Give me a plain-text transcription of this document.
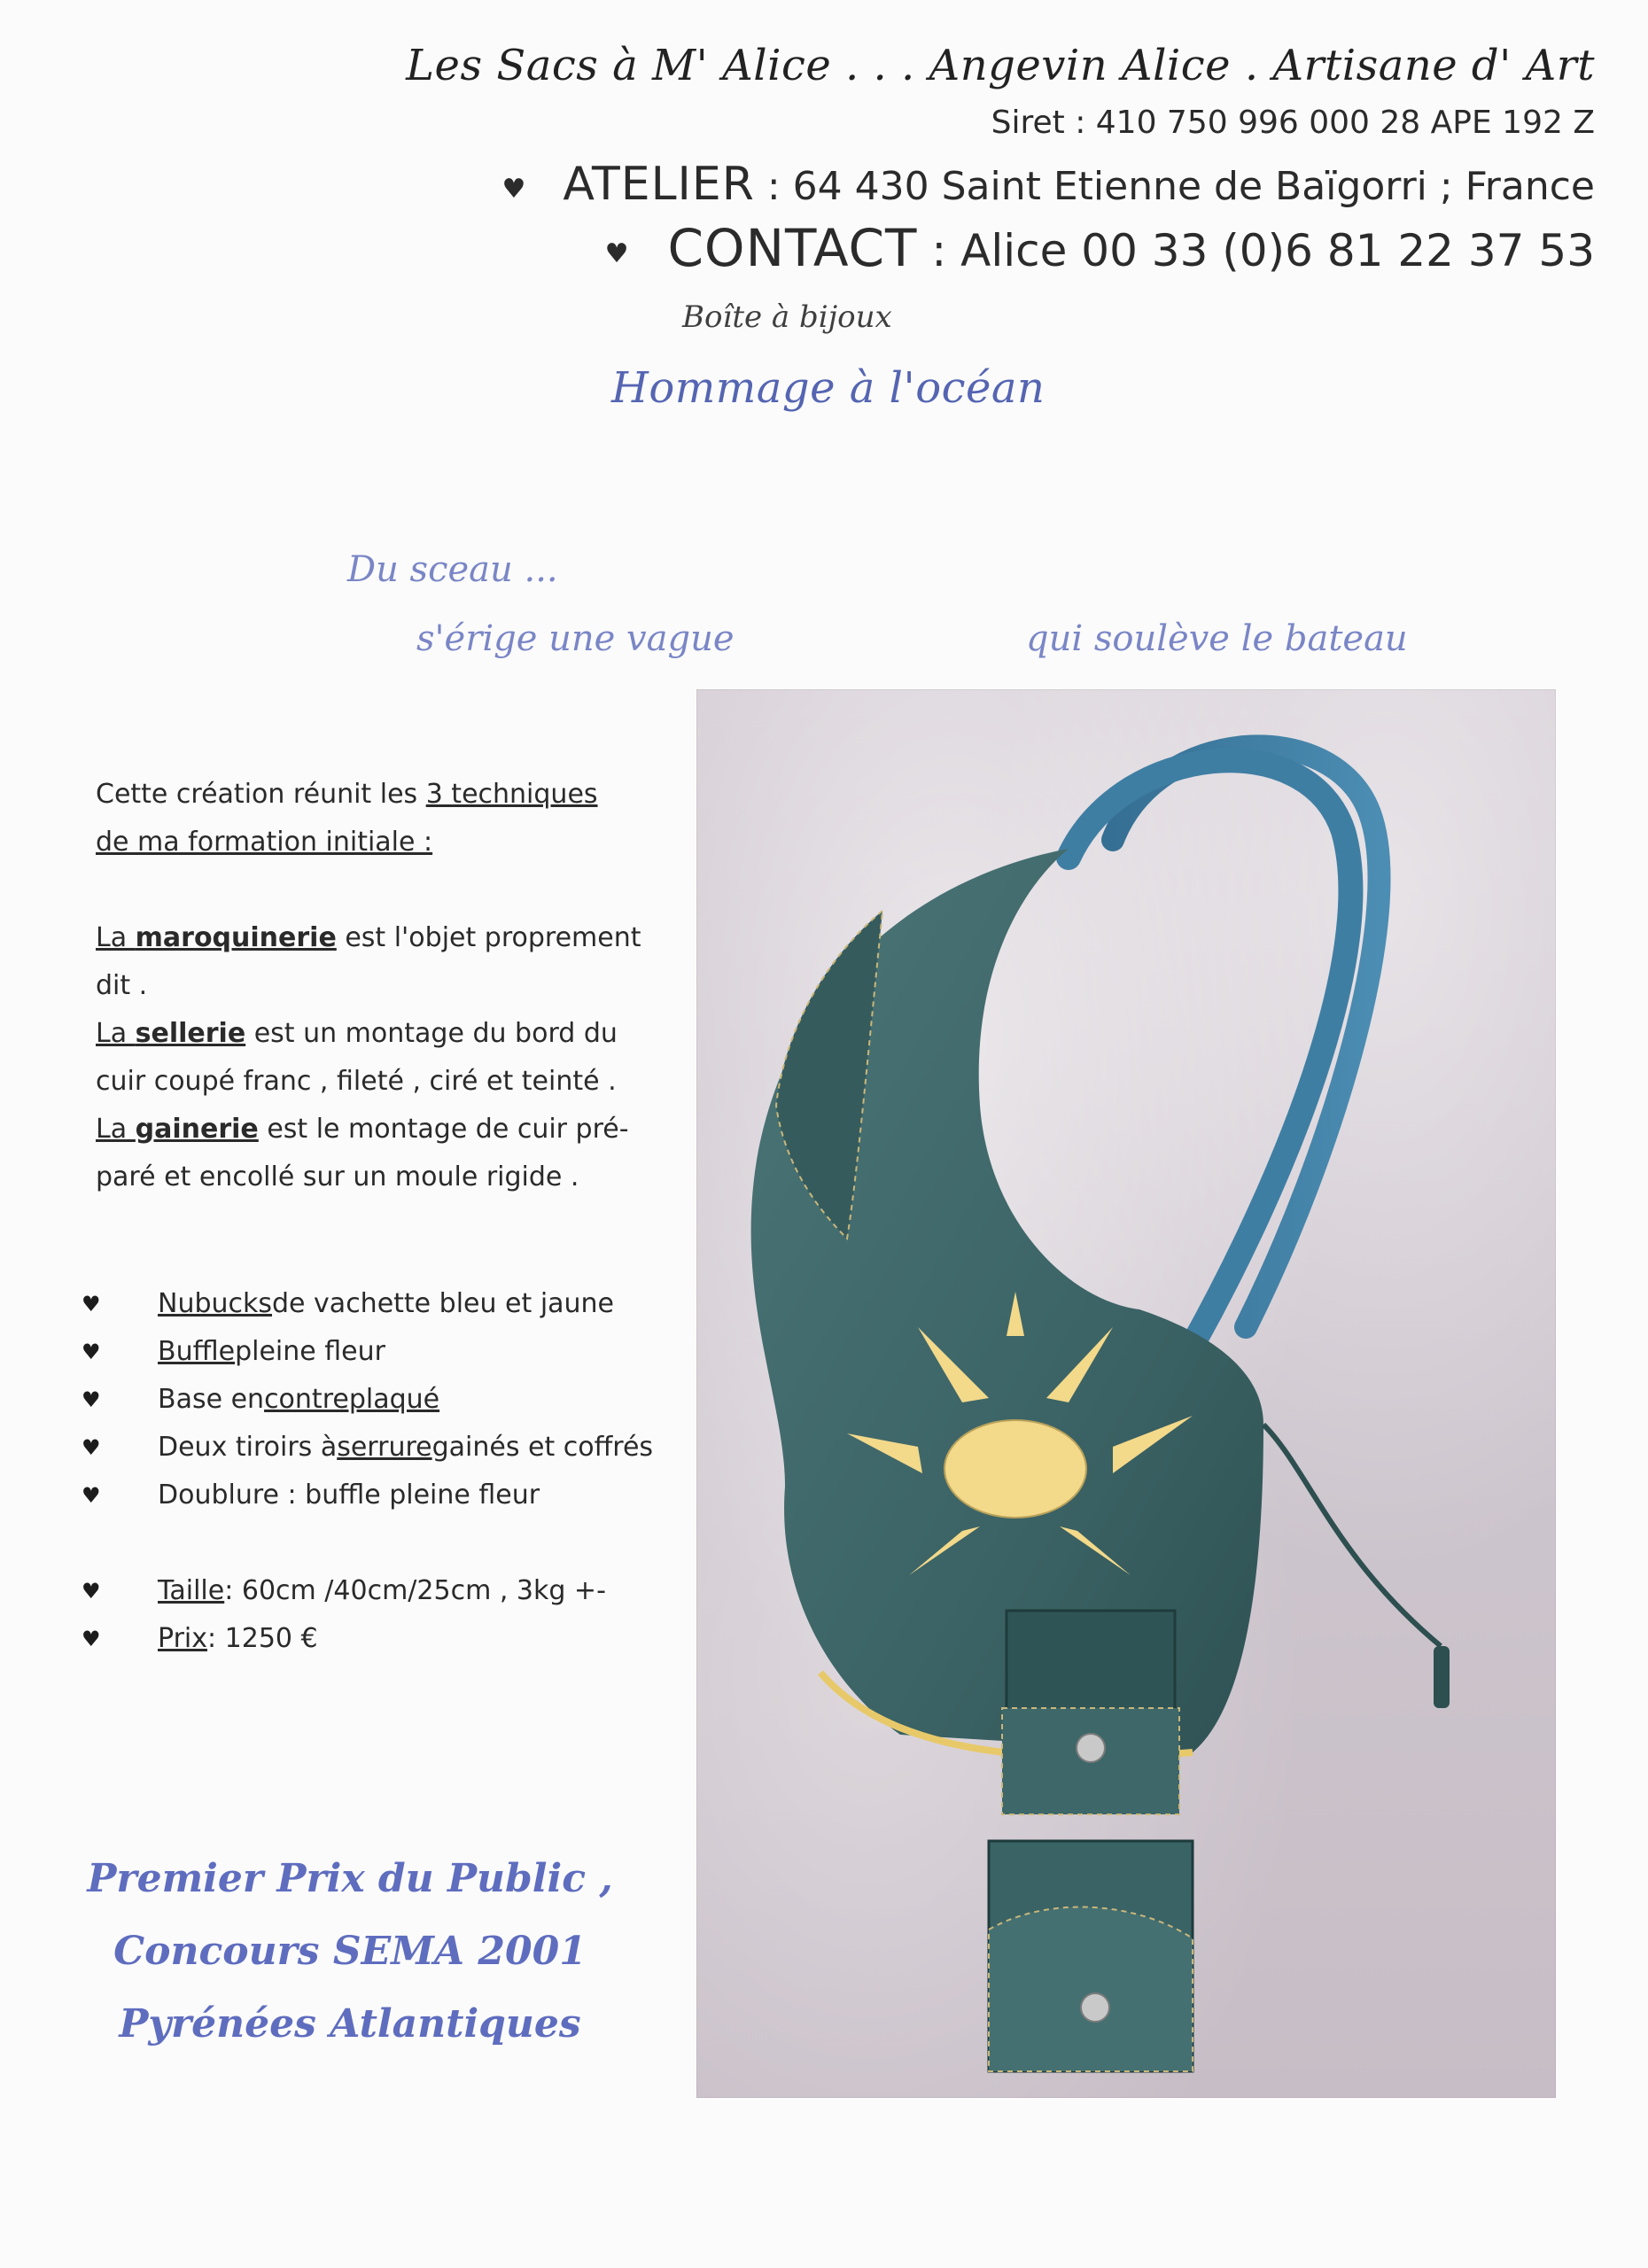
Les Sacs à M' Alice . . . Angevin Alice . Artisane d' Art
Siret : 410 750 996 000 28 APE 192 Z
♥ ATELIER : 64 430 Saint Etienne de Baïgorri ; France
♥ CONTACT : Alice 00 33 (0)6 81 22 37 53
Boîte à bijoux
Hommage à l'océan
Du sceau ...
s'érige une vague	qui soulève le bateau
Cette création réunit les 3 techniques
de ma formation initiale :
La maroquinerie est l'objet proprement
dit .
La sellerie est un montage du bord du
cuir coupé franc , fileté , ciré et teinté .
La gainerie est le montage de cuir pré-
paré et encollé sur un moule rigide .
♥	Nubucks de vachette bleu et jaune
♥	Buffle pleine fleur
♥	Base en contreplaqué
♥	Deux tiroirs à serrure gainés et coffrés
♥	Doublure : buffle pleine fleur
♥	Taille : 60cm /40cm/25cm , 3kg +-
♥	Prix : 1250 €
Premier Prix du Public ,
Concours SEMA 2001
Pyrénées Atlantiques
